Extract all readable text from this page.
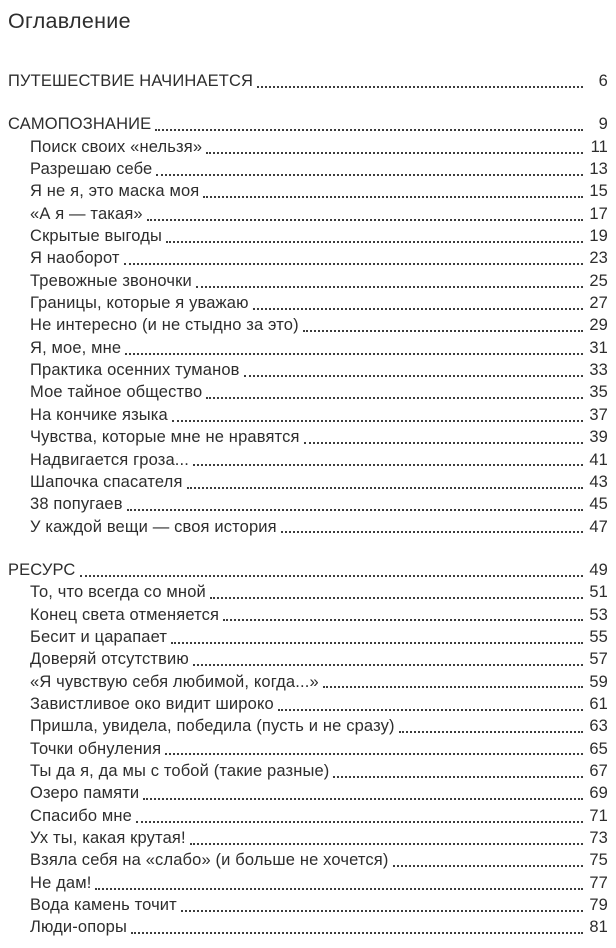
Оглавление
ПУТЕШЕСТВИЕ НАЧИНАЕТСЯ	6
САМОПОЗНАНИЕ	9
Поиск своих «нельзя»	11
Разрешаю себе	13
Я не я, это маска моя	15
«А я — такая»	17
Скрытые выгоды	19
Я наоборот	23
Тревожные звоночки	25
Границы, которые я уважаю	27
Не интересно (и не стыдно за это)	29
Я, мое, мне	31
Практика осенних туманов	33
Мое тайное общество	35
На кончике языка	37
Чувства, которые мне не нравятся	39
Надвигается гроза...	41
Шапочка спасателя	43
38 попугаев	45
У каждой вещи — своя история	47
РЕСУРС	49
То, что всегда со мной	51
Конец света отменяется	53
Бесит и царапает	55
Доверяй отсутствию	57
«Я чувствую себя любимой, когда...»	59
Завистливое око видит широко	61
Пришла, увидела, победила (пусть и не сразу)	63
Точки обнуления	65
Ты да я, да мы с тобой (такие разные)	67
Озеро памяти	69
Спасибо мне	71
Ух ты, какая крутая!	73
Взяла себя на «слабо» (и больше не хочется)	75
Не дам!	77
Вода камень точит	79
Люди-опоры	81
